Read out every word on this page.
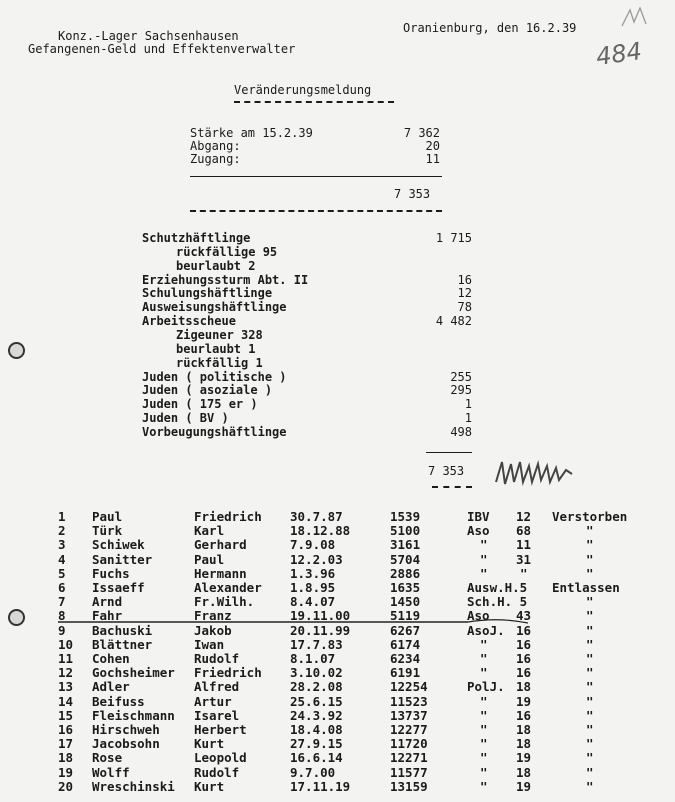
Konz.-Lager Sachsenhausen
Gefangenen-Geld und Effektenverwalter
Oranienburg, den 16.2.39
484
Veränderungsmeldung
Stärke am 15.2.39	7 362
Abgang:	20
Zugang:	11
7 353
Schutzhäftlinge	1 715
rückfällige 95
beurlaubt 2
Erziehungssturm Abt. II	16
Schulungshäftlinge	12
Ausweisungshäftlinge	78
Arbeitsscheue	4 482
Zigeuner 328
beurlaubt 1
rückfällig 1
Juden ( politische )	255
Juden ( asoziale )	295
Juden ( 175 er )	1
Juden ( BV )	1
Vorbeugungshäftlinge	498
7 353
1 Paul	Friedrich 30.7.87	1539	IBV 12 Verstorben
2 Türk	Karl	18.12.88	5100	Aso 68	"
3 Schiwek	Gerhard	7.9.08	3161	" 11	"
4 Sanitter	Paul	12.2.03	5704	" 31	"
5 Fuchs	Hermann	1.3.96	2886	"	"	"
6 Issaeff	Alexander 1.8.95	1635	Ausw.H.5 Entlassen
7 Arnd	Fr.Wilh.	8.4.07	1450	Sch.H. 5	"
8 Fahr	Franz	19.11.00	5119	Aso 43	"
9 Bachuski	Jakob	20.11.99	6267	AsoJ. 16	"
10 Blättner	Iwan	17.7.83	6174	" 16	"
11 Cohen	Rudolf	8.1.07	6234	" 16	"
12 Gochsheimer Friedrich 3.10.02	6191	" 16	"
13 Adler	Alfred	28.2.08	12254	PolJ. 18	"
14 Beifuss	Artur	25.6.15	11523	" 19	"
15 Fleischmann Isarel	24.3.92	13737	" 16	"
16 Hirschweh	Herbert	18.4.08	12277	" 18	"
17 Jacobsohn	Kurt	27.9.15	11720	" 18	"
18 Rose	Leopold	16.6.14	12271	" 19	"
19 Wolff	Rudolf	9.7.00	11577	" 18	"
20 Wreschinski Kurt	17.11.19	13159	" 19	"
